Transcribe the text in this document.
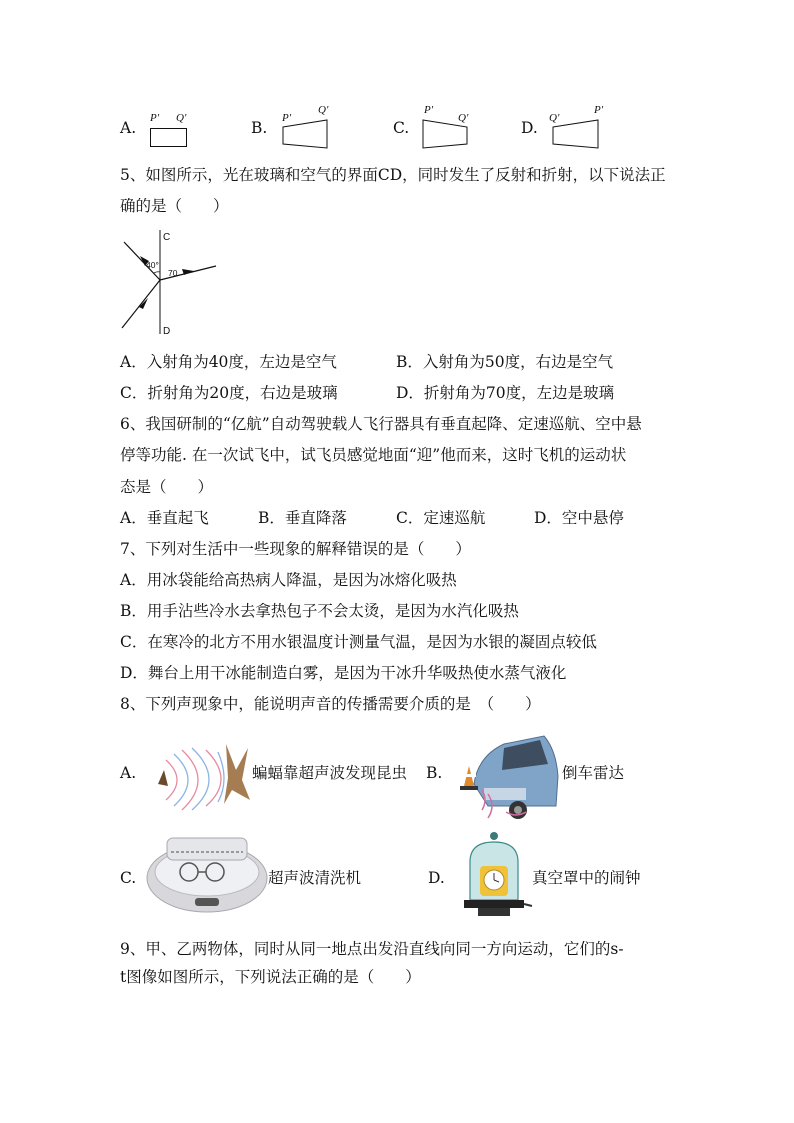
A.
P' Q'
B.
P'
Q'
C.
P'
Q'
D.
Q'
P'
5、如图所示，光在玻璃和空气的界面CD，同时发生了反射和折射，以下说法正
确的是（　　）
C
D
40°
70
A．入射角为40度，左边是空气	B．入射角为50度，右边是空气
C．折射角为20度，右边是玻璃	D．折射角为70度，左边是玻璃
6、我国研制的“亿航”自动驾驶载人飞行器具有垂直起降、定速巡航、空中悬
停等功能. 在一次试飞中，试飞员感觉地面“迎”他而来，这时飞机的运动状
态是（　　）
A．垂直起飞	B．垂直降落	C．定速巡航	D．空中悬停
7、下列对生活中一些现象的解释错误的是（　　）
A．用冰袋能给高热病人降温，是因为冰熔化吸热
B．用手沾些冷水去拿热包子不会太烫，是因为水汽化吸热
C．在寒冷的北方不用水银温度计测量气温，是因为水银的凝固点较低
D．舞台上用干冰能制造白雾，是因为干冰升华吸热使水蒸气液化
8、下列声现象中，能说明声音的传播需要介质的是　（　　）
A.	蝙蝠靠超声波发现昆虫 B.	倒车雷达
C.	超声波清洗机	D.	真空罩中的闹钟
9、甲、乙两物体，同时从同一地点出发沿直线向同一方向运动，它们的s-
t图像如图所示，下列说法正确的是（　　）
